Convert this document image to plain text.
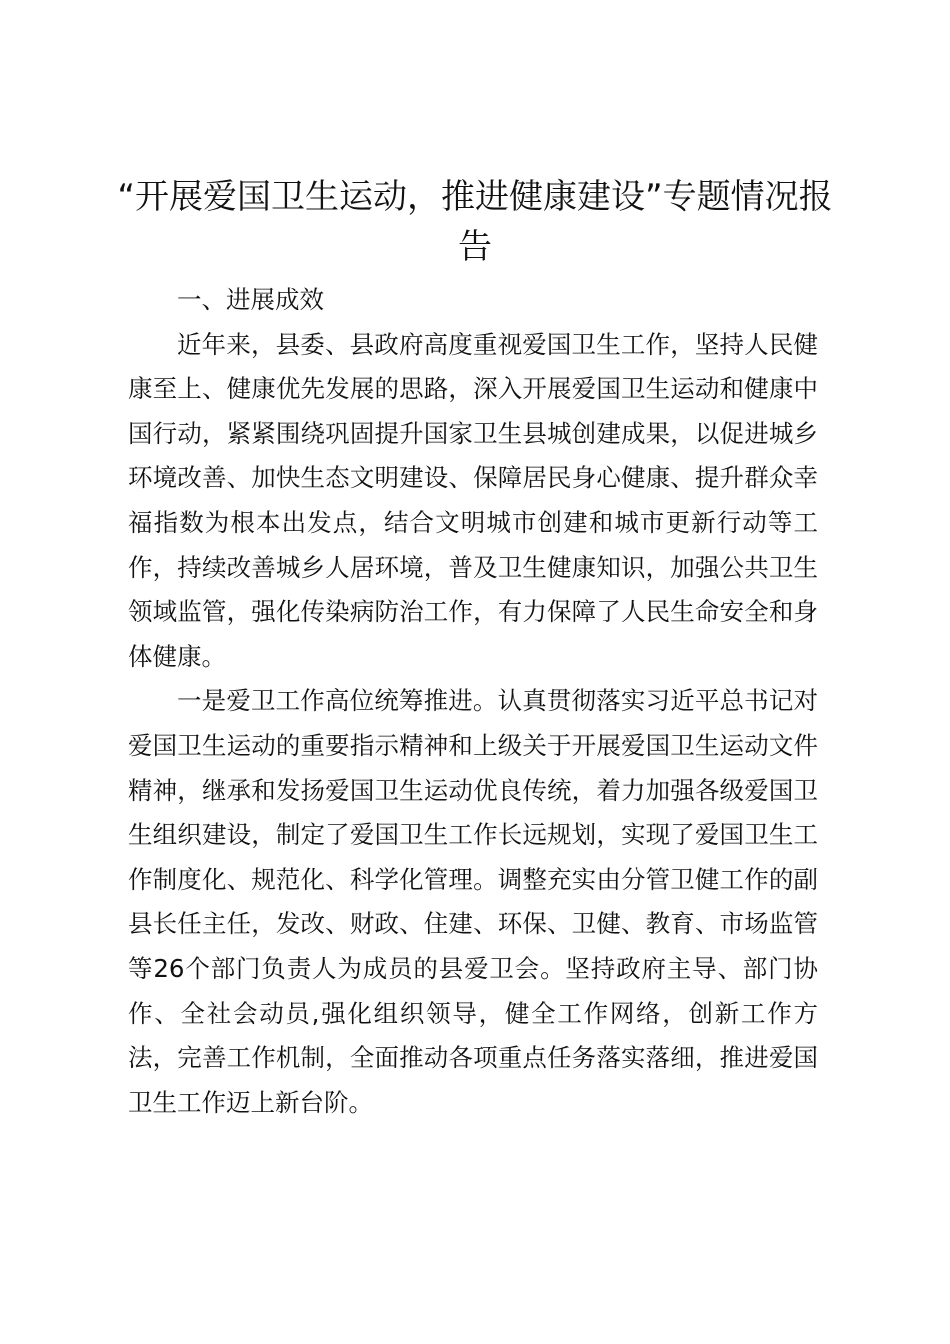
“开展爱国卫生运动，推进健康建设”专题情况报告

一、进展成效

近年来，县委、县政府高度重视爱国卫生工作，坚持人民健康至上、健康优先发展的思路，深入开展爱国卫生运动和健康中国行动，紧紧围绕巩固提升国家卫生县城创建成果，以促进城乡环境改善、加快生态文明建设、保障居民身心健康、提升群众幸福指数为根本出发点，结合文明城市创建和城市更新行动等工作，持续改善城乡人居环境，普及卫生健康知识，加强公共卫生领域监管，强化传染病防治工作，有力保障了人民生命安全和身体健康。

一是爱卫工作高位统筹推进。认真贯彻落实习近平总书记对爱国卫生运动的重要指示精神和上级关于开展爱国卫生运动文件精神，继承和发扬爱国卫生运动优良传统，着力加强各级爱国卫生组织建设，制定了爱国卫生工作长远规划，实现了爱国卫生工作制度化、规范化、科学化管理。调整充实由分管卫健工作的副县长任主任，发改、财政、住建、环保、卫健、教育、市场监管等26个部门负责人为成员的县爱卫会。坚持政府主导、部门协作、全社会动员,强化组织领导，健全工作网络，创新工作方法，完善工作机制，全面推动各项重点任务落实落细，推进爱国卫生工作迈上新台阶。
